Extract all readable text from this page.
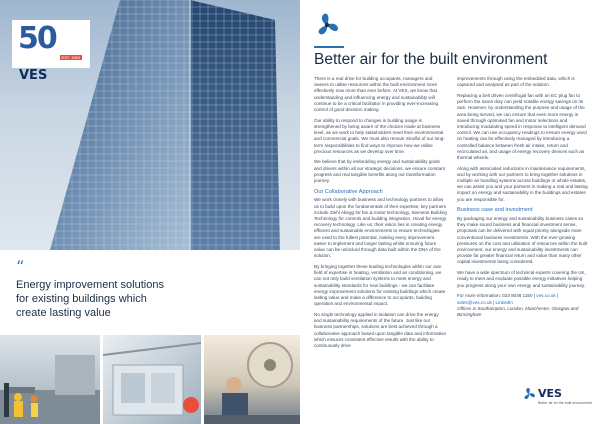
50VES
EST. 1960
“
Energy improvement solutions for existing buildings which create lasting value
Better air for the built environment

There is a real drive for building occupants, managers and owners to utilise resources within the built environment more effectively now more than ever before. At VES, we know that understanding and influencing energy and sustainability will continue to be a critical facilitator in providing ever-increasing control of good decision making.

Our ability to respond to changes in building usage is strengthened by being aware of the choices made at business level, as we work to help stakeholders meet their environmental and commercial goals. We must also remain mindful of our long-term responsibilities to find ways to improve how we utilise precious resources as we develop over time.

We believe that by embedding energy and sustainability goals and drivers within all our strategic decisions, we ensure constant progress and real tangible benefits along our transformation journey.

Our Collaborative Approach

We work closely with business and technology partners to allow us to build upon the fundamentals of their expertise; key partners include Ziehl Abegg for fan & motor technology, Siemens Building Technology for controls and building integration. Hoval for energy recovery technology. Like us, their vision lies in creating energy efficient and sustainable environments to ensure technologies are used to the fullest potential, making every improvement easier to implement and longer lasting whilst ensuring future value can be unlocked through data built within the DNA of the solution.

By bringing together these leading technologies within our own field of expertise in heating, ventilation and air conditioning, we can not only build ventilation systems to meet energy and sustainability standards for new buildings - we can facilitate energy improvement solutions for existing buildings which create lasting value and make a difference to occupants, building operation and environmental impact.

No single technology applied in isolation can drive the energy and sustainability requirements of the future. Just like our business partnerships, solutions are best achieved through a collaborative approach based upon tangible data and information which ensures consistent effective results with the ability to continuously drive

improvements through using the embedded data, which is captured and analysed as part of the solution.

Replacing a belt driven centrifugal fan with an EC plug fan to perform the same duty can yield notable energy savings on its own. However, by understanding the purpose and usage of the area being served, we can ensure that even more energy is saved through optimised fan and motor selections and introducing modulating speed in response to intelligent demand control. We can use occupancy readings to ensure energy used on heating can be effectively managed by introducing a controlled balance between fresh air intake, return and recirculated air, and usage of energy recovery devices such as thermal wheels.

Along with associated reductions in maintenance requirements, and by working with our partners to bring together solutions in multiple air handling systems across buildings or whole estates, we can assist you and your partners in making a real and lasting impact on energy and sustainability in the buildings and estates you are responsible for.

Business case and investment

By packaging our energy and sustainability business cases so they make sound business and financial investment sense, proposals can be delivered with equal priority alongside more conventional business investments. With the ever-growing pressures on the cost and utilisation of resources within the built environment, our energy and sustainability investments can provide far greater financial return and value than many other capital investments being considered.

We have a wide spectrum of technical experts covering the UK, ready to meet and evaluate possible energy initiatives helping you progress along your own energy and sustainability journey.

For more information: 023 8046 1150 | ves.co.uk | sales@ves.co.uk | LinkedIn
Offices in Southampton, London, Manchester, Glasgow and Birmingham

VES
Better air for the built environment
